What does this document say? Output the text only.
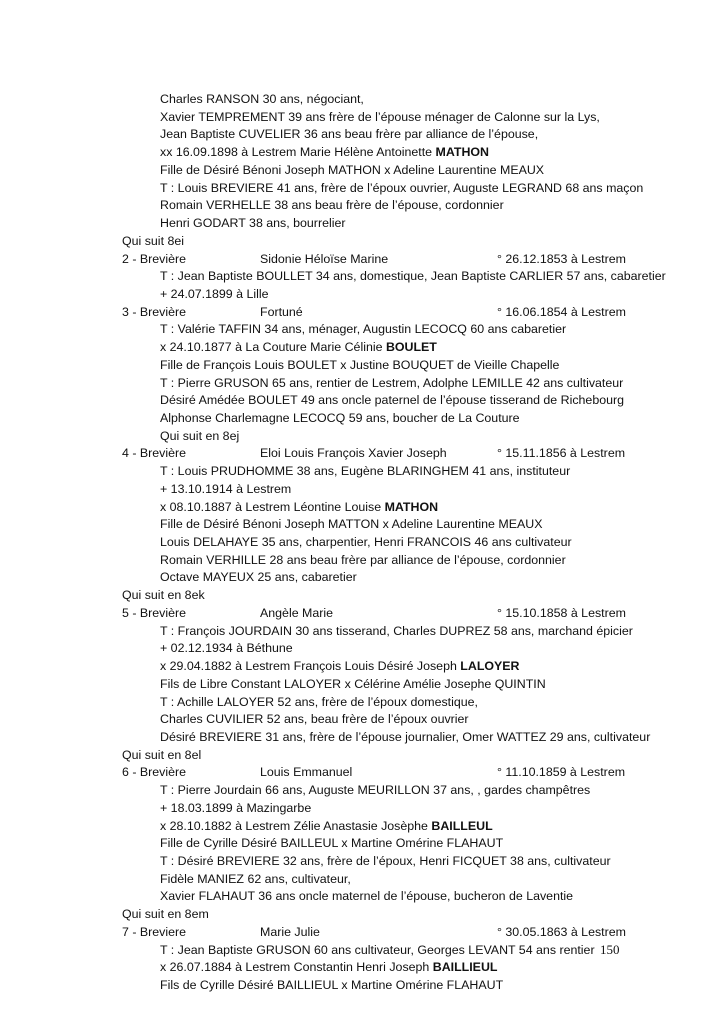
Charles RANSON 30 ans, négociant,
Xavier TEMPREMENT 39 ans frère de l’épouse ménager de Calonne sur la Lys,
Jean Baptiste CUVELIER 36 ans beau frère par alliance de l’épouse,
xx 16.09.1898 à Lestrem Marie Hélène Antoinette MATHON
Fille de Désiré Bénoni Joseph MATHON x Adeline Laurentine MEAUX
T : Louis BREVIERE 41 ans, frère de l’époux ouvrier, Auguste LEGRAND 68 ans maçon
Romain VERHELLE 38 ans beau frère de l’épouse, cordonnier
Henri GODART 38 ans, bourrelier
Qui suit 8ei
2 - Brevière	Sidonie Héloïse Marine	° 26.12.1853 à Lestrem
T : Jean Baptiste BOULLET 34 ans, domestique, Jean Baptiste CARLIER 57 ans, cabaretier
+ 24.07.1899 à Lille
3 - Brevière	Fortuné	° 16.06.1854 à Lestrem
T : Valérie TAFFIN 34 ans, ménager, Augustin LECOCQ 60 ans cabaretier
x 24.10.1877 à La Couture Marie Célinie BOULET
Fille de François Louis BOULET x Justine BOUQUET de Vieille Chapelle
T : Pierre GRUSON 65 ans, rentier de Lestrem, Adolphe LEMILLE 42 ans cultivateur
Désiré Amédée BOULET 49 ans oncle paternel de l’épouse tisserand de Richebourg
Alphonse Charlemagne LECOCQ 59 ans, boucher de La Couture
Qui suit en 8ej
4 - Brevière	Eloi Louis François Xavier Joseph	° 15.11.1856 à Lestrem
T : Louis PRUDHOMME 38 ans, Eugène BLARINGHEM 41 ans, instituteur
+ 13.10.1914 à Lestrem
x 08.10.1887 à Lestrem Léontine Louise MATHON
Fille de Désiré Bénoni Joseph MATTON x Adeline Laurentine MEAUX
Louis DELAHAYE 35 ans, charpentier, Henri FRANCOIS 46 ans cultivateur
Romain VERHILLE 28 ans beau frère par alliance de l’épouse, cordonnier
Octave MAYEUX 25 ans, cabaretier
Qui suit en 8ek
5 - Brevière	Angèle Marie	° 15.10.1858 à Lestrem
T : François JOURDAIN 30 ans tisserand, Charles DUPREZ 58 ans, marchand épicier
+ 02.12.1934 à Béthune
x 29.04.1882 à Lestrem François Louis Désiré Joseph LALOYER
Fils de Libre Constant LALOYER x Célérine Amélie Josephe QUINTIN
T : Achille LALOYER 52 ans, frère de l’époux domestique,
Charles CUVILIER 52 ans, beau frère de l’époux ouvrier
Désiré BREVIERE 31 ans, frère de l’épouse journalier, Omer WATTEZ 29 ans, cultivateur
Qui suit en 8el
6 - Brevière	Louis Emmanuel	° 11.10.1859 à Lestrem
T : Pierre Jourdain 66 ans, Auguste MEURILLON 37 ans, , gardes champêtres
+ 18.03.1899 à Mazingarbe
x 28.10.1882 à Lestrem Zélie Anastasie Josèphe BAILLEUL
Fille de Cyrille Désiré BAILLEUL x Martine Omérine FLAHAUT
T : Désiré BREVIERE 32 ans, frère de l’époux, Henri FICQUET 38 ans, cultivateur
Fidèle MANIEZ 62 ans, cultivateur,
Xavier FLAHAUT 36 ans oncle maternel de l’épouse, bucheron de Laventie
Qui suit en 8em
7 - Breviere	Marie Julie	° 30.05.1863 à Lestrem
T : Jean Baptiste GRUSON 60 ans cultivateur, Georges LEVANT 54 ans rentier
x 26.07.1884 à Lestrem Constantin Henri Joseph BAILLIEUL
Fils de Cyrille Désiré BAILLIEUL x Martine Omérine FLAHAUT
150
